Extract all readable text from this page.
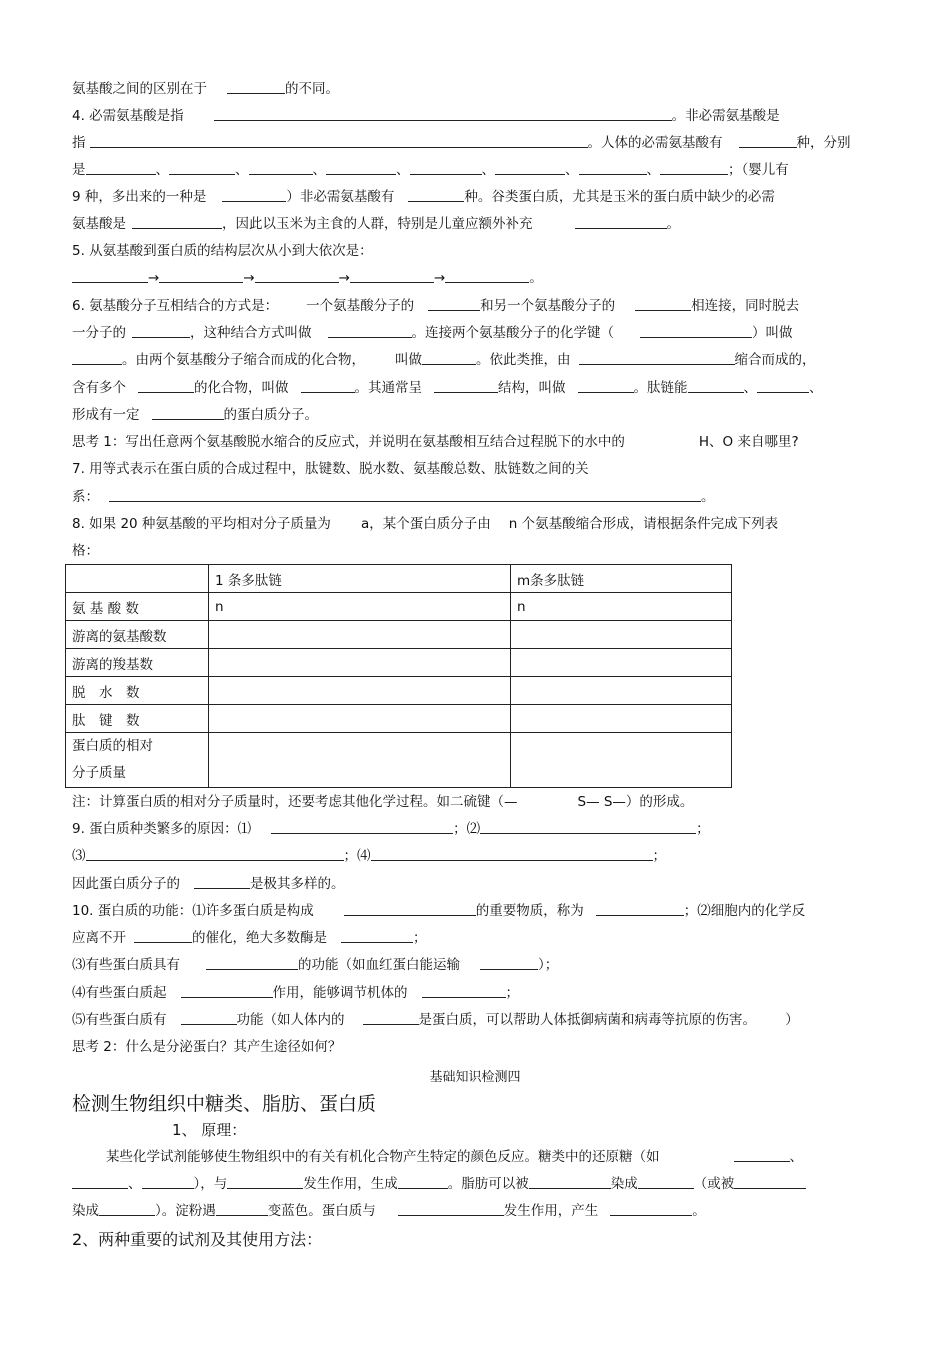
氨基酸之间的区别在于	的不同。
4. 必需氨基酸是指	。非必需氨基酸是
指	。人体的必需氨基酸有	种，分别
是	、	、	、	、	、	、	、	；（婴儿有
9 种，多出来的一种是	）非必需氨基酸有	种。谷类蛋白质，尤其是玉米的蛋白质中缺少的必需
氨基酸是	，因此以玉米为主食的人群，特别是儿童应额外补充	。
5. 从氨基酸到蛋白质的结构层次从小到大依次是：
→	→	→	→	。
6. 氨基酸分子互相结合的方式是： 一个氨基酸分子的	和另一个氨基酸分子的	相连接，同时脱去
一分子的	，这种结合方式叫做	。连接两个氨基酸分子的化学键（	）叫做
。由两个氨基酸分子缩合而成的化合物， 叫做	。依此类推，由	缩合而成的，
含有多个	的化合物，叫做	。其通常呈	结构，叫做	。肽链能	、	、
形成有一定	的蛋白质分子。
思考 1：写出任意两个氨基酸脱水缩合的反应式，并说明在氨基酸相互结合过程脱下的水中的	H、O 来自哪里?
7. 用等式表示在蛋白质的合成过程中，肽键数、脱水数、氨基酸总数、肽链数之间的关
系：	。
8. 如果 20 种氨基酸的平均相对分子质量为 a，某个蛋白质分子由 n 个氨基酸缩合形成，请根据条件完成下列表
格：
	1 条多肽链	m条多肽链
氨 基 酸 数	n	n
游离的氨基酸数		
游离的羧基数		
脱　水　数		
肽　键　数		
蛋白质的相对
分子质量		
注：计算蛋白质的相对分子质量时，还要考虑其他化学过程。如二硫键（—	S— S—）的形成。
9. 蛋白质种类繁多的原因：⑴	；⑵	；
⑶	；⑷	；
因此蛋白质分子的	是极其多样的。
10. 蛋白质的功能：⑴许多蛋白质是构成	的重要物质，称为	；⑵细胞内的化学反
应离不开	的催化，绝大多数酶是	；
⑶有些蛋白质具有	的功能（如血红蛋白能运输	）；
⑷有些蛋白质起	作用，能够调节机体的	；
⑸有些蛋白质有	功能（如人体内的	是蛋白质，可以帮助人体抵御病菌和病毒等抗原的伤害。	）
思考 2：什么是分泌蛋白？其产生途径如何？
基础知识检测四
检测生物组织中糖类、脂肪、蛋白质
1、 原理：
某些化学试剂能够使生物组织中的有关有机化合物产生特定的颜色反应。糖类中的还原糖（如	、
、	），与	发生作用，生成	。脂肪可以被	染成	（或被
染成	）。淀粉遇	变蓝色。蛋白质与	发生作用，产生	。
2、两种重要的试剂及其使用方法：
